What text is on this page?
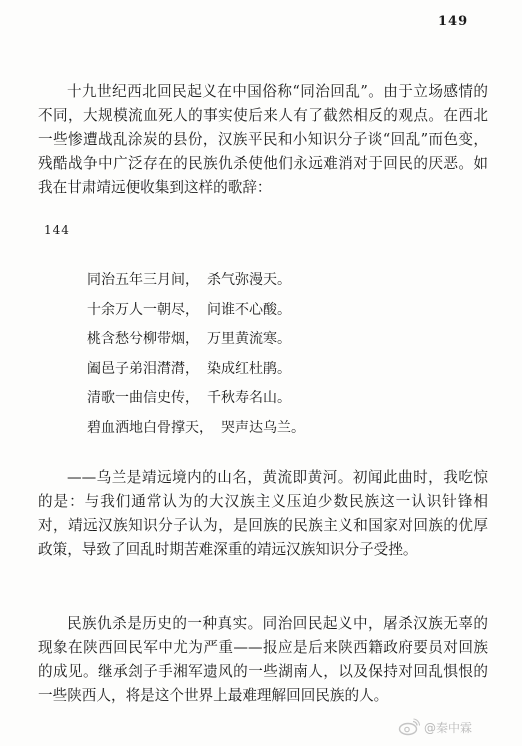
149

十九世纪西北回民起义在中国俗称“同治回乱”。由于立场感情的不同，大规模流血死人的事实使后来人有了截然相反的观点。在西北一些惨遭战乱涂炭的县份，汉族平民和小知识分子谈“回乱”而色变，残酷战争中广泛存在的民族仇杀使他们永远难消对于回民的厌恶。如我在甘肃靖远便收集到这样的歌辞：

144
同治五年三月间， 杀气弥漫天。
十余万人一朝尽， 问谁不心酸。
桃含愁兮柳带烟， 万里黄流寒。
阖邑子弟泪潸潸， 染成红杜鹃。
清歌一曲信史传， 千秋寿名山。
碧血洒地白骨撑天， 哭声达乌兰。

——乌兰是靖远境内的山名，黄流即黄河。初闻此曲时，我吃惊的是：与我们通常认为的大汉族主义压迫少数民族这一认识针锋相对，靖远汉族知识分子认为，是回族的民族主义和国家对回族的优厚政策，导致了回乱时期苦难深重的靖远汉族知识分子受挫。

民族仇杀是历史的一种真实。同治回民起义中，屠杀汉族无辜的现象在陕西回民军中尤为严重——报应是后来陕西籍政府要员对回族的成见。继承刽子手湘军遗风的一些湖南人，以及保持对回乱惧恨的一些陕西人，将是这个世界上最难理解回回民族的人。

@秦中霖
